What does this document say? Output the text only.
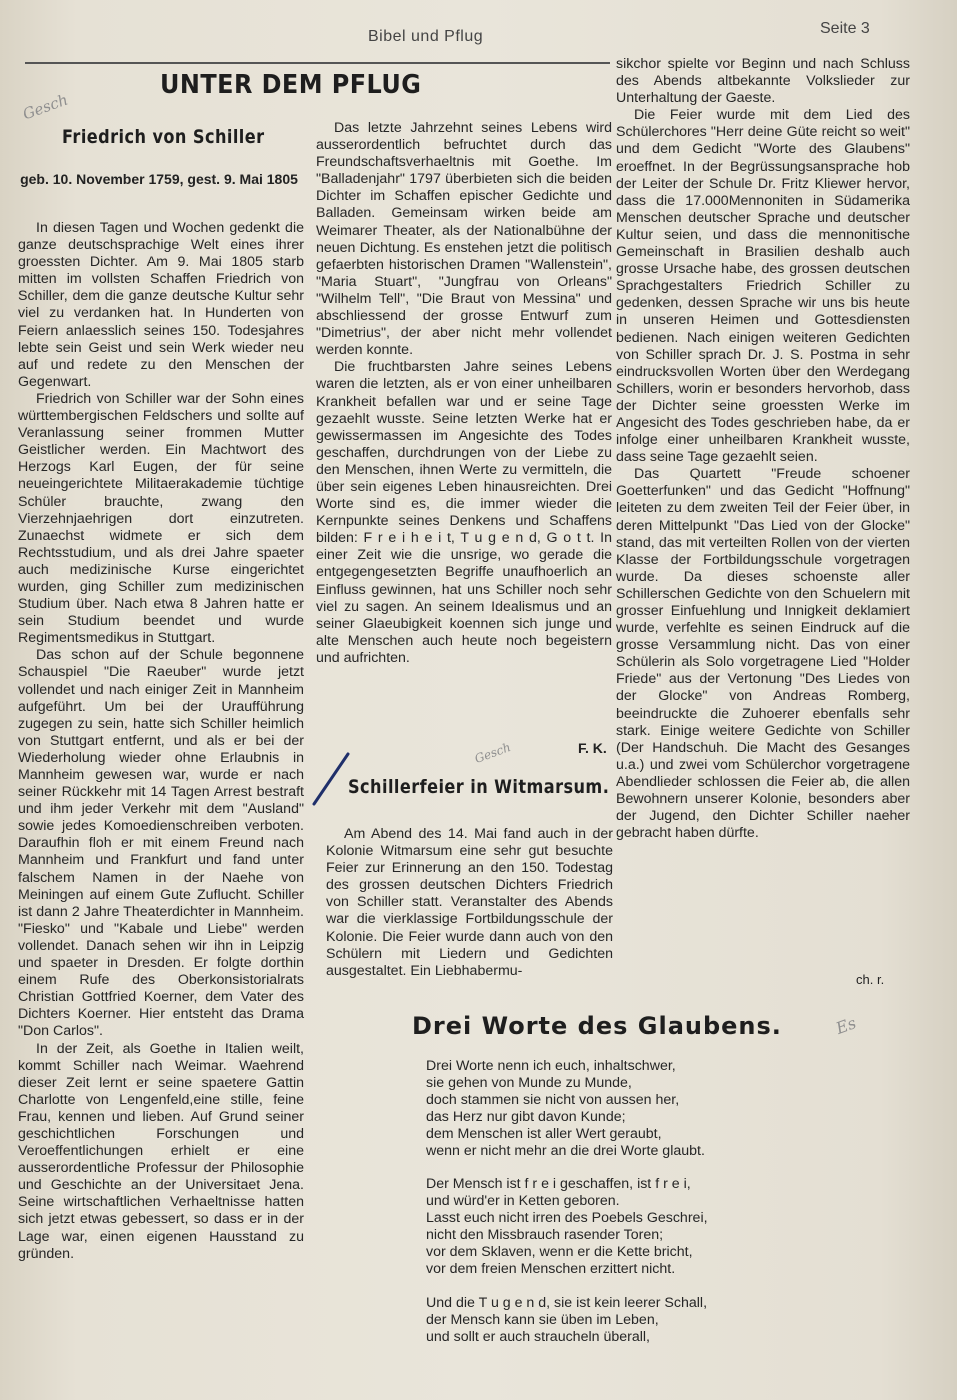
Bibel und Pflug	Seite 3
UNTER DEM PFLUG
Friedrich von Schiller
geb. 10. November 1759, gest. 9. Mai 1805
Gesch

In diesen Tagen und Wochen gedenkt die ganze deutschsprachige Welt eines ihrer groessten Dichter. Am 9. Mai 1805 starb mitten im vollsten Schaffen Friedrich von Schiller, dem die ganze deutsche Kultur sehr viel zu verdanken hat. In Hunderten von Feiern anlaesslich seines 150. Todesjahres lebte sein Geist und sein Werk wieder neu auf und redete zu den Menschen der Gegenwart.

Friedrich von Schiller war der Sohn eines württembergischen Feldschers und sollte auf Veranlassung seiner frommen Mutter Geistlicher werden. Ein Machtwort des Herzogs Karl Eugen, der für seine neueingerichtete Militaerakademie tüchtige Schüler brauchte, zwang den Vierzehnjaehrigen dort einzutreten. Zunaechst widmete er sich dem Rechtsstudium, und als drei Jahre spaeter auch medizinische Kurse eingerichtet wurden, ging Schiller zum medizinischen Studium über. Nach etwa 8 Jahren hatte er sein Studium beendet und wurde Regimentsmedikus in Stuttgart.

Das schon auf der Schule begonnene Schauspiel "Die Raeuber" wurde jetzt vollendet und nach einiger Zeit in Mannheim aufgeführt. Um bei der Uraufführung zugegen zu sein, hatte sich Schiller heimlich von Stuttgart entfernt, und als er bei der Wiederholung wieder ohne Erlaubnis in Mannheim gewesen war, wurde er nach seiner Rückkehr mit 14 Tagen Arrest bestraft und ihm jeder Verkehr mit dem "Ausland" sowie jedes Komoedienschreiben verboten. Daraufhin floh er mit einem Freund nach Mannheim und Frankfurt und fand unter falschem Namen in der Naehe von Meiningen auf einem Gute Zuflucht. Schiller ist dann 2 Jahre Theaterdichter in Mannheim. "Fiesko" und "Kabale und Liebe" werden vollendet. Danach sehen wir ihn in Leipzig und spaeter in Dresden. Er folgte dorthin einem Rufe des Oberkonsistorialrats Christian Gottfried Koerner, dem Vater des Dichters Koerner. Hier entsteht das Drama "Don Carlos".

In der Zeit, als Goethe in Italien weilt, kommt Schiller nach Weimar. Waehrend dieser Zeit lernt er seine spaetere Gattin Charlotte von Lengenfeld,eine stille, feine Frau, kennen und lieben. Auf Grund seiner geschichtlichen Forschungen und Veroeffentlichungen erhielt er eine ausserordentliche Professur der Philosophie und Geschichte an der Universitaet Jena. Seine wirtschaftlichen Verhaeltnisse hatten sich jetzt etwas gebessert, so dass er in der Lage war, einen eigenen Hausstand zu gründen.

Das letzte Jahrzehnt seines Lebens wird ausserordentlich befruchtet durch das Freundschaftsverhaeltnis mit Goethe. Im "Balladenjahr" 1797 überbieten sich die beiden Dichter im Schaffen epischer Gedichte und Balladen. Gemeinsam wirken beide am Weimarer Theater, als der Nationalbühne der neuen Dichtung. Es enstehen jetzt die politisch gefaerbten historischen Dramen "Wallenstein", "Maria Stuart", "Jungfrau von Orleans" "Wilhelm Tell", "Die Braut von Messina" und abschliessend der grosse Entwurf zum "Dimetrius", der aber nicht mehr vollendet werden konnte.

Die fruchtbarsten Jahre seines Lebens waren die letzten, als er von einer unheilbaren Krankheit befallen war und er seine Tage gezaehlt wusste. Seine letzten Werke hat er gewissermassen im Angesichte des Todes geschaffen, durchdrungen von der Liebe zu den Menschen, ihnen Werte zu vermitteln, die über sein eigenes Leben hinausreichten. Drei Worte sind es, die immer wieder die Kernpunkte seines Denkens und Schaffens bilden: F r e i h e i t, T u g e n d, G o t t. In einer Zeit wie die unsrige, wo gerade die entgegengesetzten Begriffe unaufhoerlich an Einfluss gewinnen, hat uns Schiller noch sehr viel zu sagen. An seinem Idealismus und an seiner Glaeubigkeit koennen sich junge und alte Menschen auch heute noch begeistern und aufrichten.

F. K.
Gesch
Schillerfeier in Witmarsum.

Am Abend des 14. Mai fand auch in der Kolonie Witmarsum eine sehr gut besuchte Feier zur Erinnerung an den 150. Todestag des grossen deutschen Dichters Friedrich von Schiller statt. Veranstalter des Abends war die vierklassige Fortbildungsschule der Kolonie. Die Feier wurde dann auch von den Schülern mit Liedern und Gedichten ausgestaltet. Ein Liebhabermu-

sikchor spielte vor Beginn und nach Schluss des Abends altbekannte Volkslieder zur Unterhaltung der Gaeste.

Die Feier wurde mit dem Lied des Schülerchores "Herr deine Güte reicht so weit" und dem Gedicht "Worte des Glaubens" eroeffnet. In der Begrüssungsansprache hob der Leiter der Schule Dr. Fritz Kliewer hervor, dass die 17.000Mennoniten in Südamerika Menschen deutscher Sprache und deutscher Kultur seien, und dass die mennonitische Gemeinschaft in Brasilien deshalb auch grosse Ursache habe, des grossen deutschen Sprachgestalters Friedrich Schiller zu gedenken, dessen Sprache wir uns bis heute in unseren Heimen und Gottesdiensten bedienen. Nach einigen weiteren Gedichten von Schiller sprach Dr. J. S. Postma in sehr eindrucksvollen Worten über den Werdegang Schillers, worin er besonders hervorhob, dass der Dichter seine groessten Werke im Angesicht des Todes geschrieben habe, da er infolge einer unheilbaren Krankheit wusste, dass seine Tage gezaehlt seien.

Das Quartett "Freude schoener Goetterfunken" und das Gedicht "Hoffnung" leiteten zu dem zweiten Teil der Feier über, in deren Mittelpunkt "Das Lied von der Glocke" stand, das mit verteilten Rollen von der vierten Klasse der Fortbildungsschule vorgetragen wurde. Da dieses schoenste aller Schillerschen Gedichte von den Schuelern mit grosser Einfuehlung und Innigkeit deklamiert wurde, verfehlte es seinen Eindruck auf die grosse Versammlung nicht. Das von einer Schülerin als Solo vorgetragene Lied "Holder Friede" aus der Vertonung "Des Liedes von der Glocke" von Andreas Romberg, beeindruckte die Zuhoerer ebenfalls sehr stark. Einige weitere Gedichte von Schiller (Der Handschuh. Die Macht des Gesanges u.a.) und zwei vom Schülerchor vorgetragene Abendlieder schlossen die Feier ab, die allen Bewohnern unserer Kolonie, besonders aber der Jugend, den Dichter Schiller naeher gebracht haben dürfte.

ch. r.
Drei Worte des Glaubens.	Es
Drei Worte nenn ich euch, inhaltschwer,
sie gehen von Munde zu Munde,
doch stammen sie nicht von aussen her,
das Herz nur gibt davon Kunde;
dem Menschen ist aller Wert geraubt,
wenn er nicht mehr an die drei Worte glaubt.
Der Mensch ist f r e i geschaffen, ist f r e i,
und würd'er in Ketten geboren.
Lasst euch nicht irren des Poebels Geschrei,
nicht den Missbrauch rasender Toren;
vor dem Sklaven, wenn er die Kette bricht,
vor dem freien Menschen erzittert nicht.
Und die T u g e n d, sie ist kein leerer Schall,
der Mensch kann sie üben im Leben,
und sollt er auch straucheln überall,
